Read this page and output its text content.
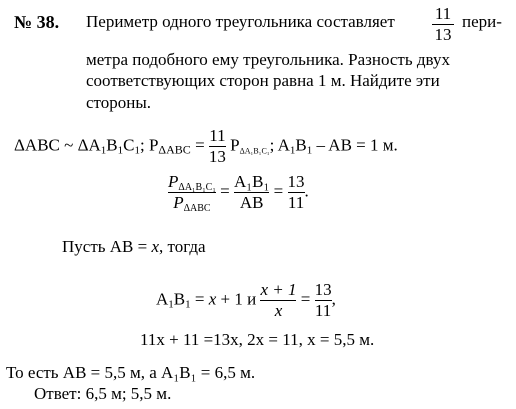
№ 38. Периметр одного треугольника составляет $\frac{11}{13}$ пери-
метра подобного ему треугольника. Разность двух
соответствующих сторон равна 1 м. Найдите эти
стороны.
ΔABC ~ $\Delta A_1B_1C_1$; $P_{\Delta ABC} = \frac{11}{13} P_{\Delta A_1B_1C_1}$; $A_1B_1$ – AB = 1 м.
$\frac{P_{\Delta A_1B_1C_1}}{P_{\Delta ABC}} = \frac{\text{A₁B₁}}{AB} = \frac{13}{11}$ .
Пусть AB = x, тогда
$A_1B_1 = x + 1$ и $\frac{x + 1}{x} = \frac{13}{11}$ ,
11x + 11 =13x, 2x = 11, x = 5,5 м.
То есть AB = 5,5 м, а A₁B₁ = 6,5 м.
Ответ: 6,5 м; 5,5 м.
